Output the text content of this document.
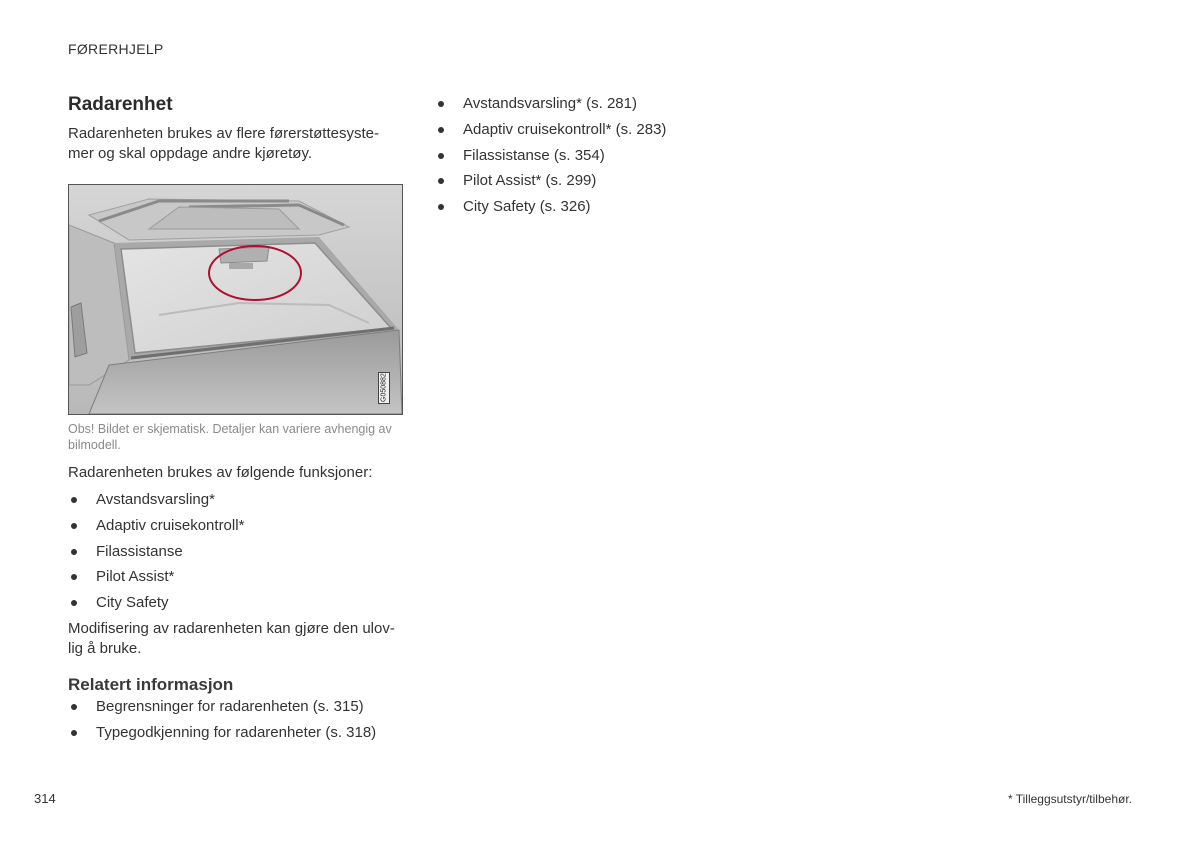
FØRERHJELP
Radarenhet

Radarenheten brukes av flere førerstøttesyste-
mer og skal oppdage andre kjøretøy.

G050882
Obs! Bildet er skjematisk. Detaljer kan variere avhengig av bilmodell.

Radarenheten brukes av følgende funksjoner:

Avstandsvarsling*
Adaptiv cruisekontroll*
Filassistanse
Pilot Assist*
City Safety

Modifisering av radarenheten kan gjøre den ulov-
lig å bruke.

Relatert informasjon
Begrensninger for radarenheten (s. 315)
Typegodkjenning for radarenheter (s. 318)
Avstandsvarsling* (s. 281)
Adaptiv cruisekontroll* (s. 283)
Filassistanse (s. 354)
Pilot Assist* (s. 299)
City Safety (s. 326)
314	* Tilleggsutstyr/tilbehør.
